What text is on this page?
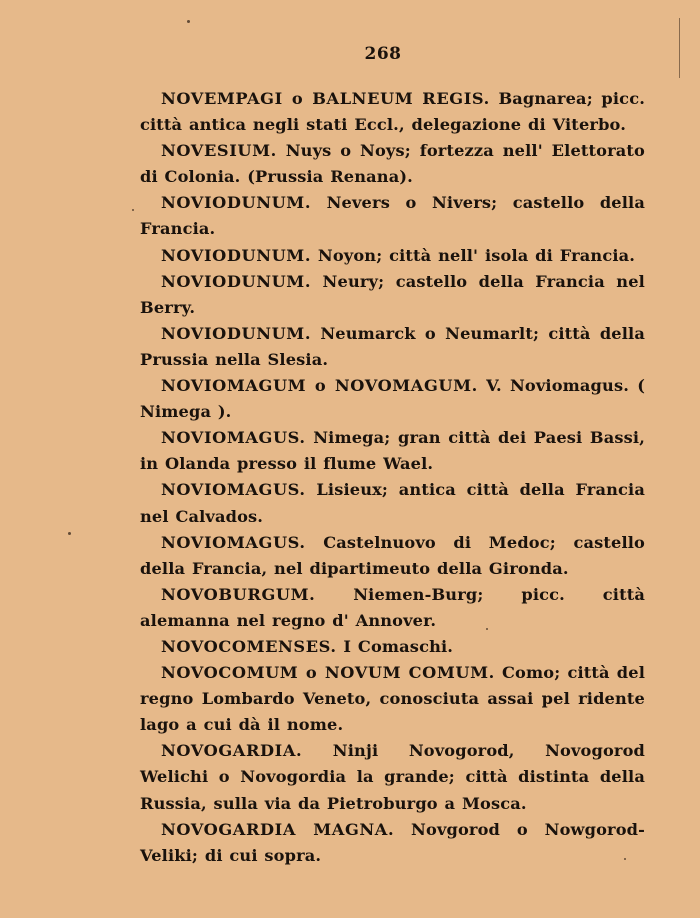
268

NOVEMPAGI o BALNEUM REGIS. Bagnarea; picc. città antica negli stati Eccl., delegazione di Viterbo.

NOVESIUM. Nuys o Noys; fortezza nell' Elettorato di Colonia. (Prussia Renana).

NOVIODUNUM. Nevers o Nivers; castello della Francia.

NOVIODUNUM. Noyon; città nell' isola di Francia.

NOVIODUNUM. Neury; castello della Francia nel Berry.

NOVIODUNUM. Neumarck o Neumarlt; città della Prussia nella Slesia.

NOVIOMAGUM o NOVOMAGUM. V. Noviomagus. ( Nimega ).

NOVIOMAGUS. Nimega; gran città dei Paesi Bassi, in Olanda presso il flume Wael.

NOVIOMAGUS. Lisieux; antica città della Francia nel Calvados.

NOVIOMAGUS. Castelnuovo di Medoc; castello della Francia, nel dipartimeuto della Gironda.

NOVOBURGUM. Niemen-Burg; picc. città alemanna nel regno d' Annover.

NOVOCOMENSES. I Comaschi.

NOVOCOMUM o NOVUM COMUM. Como; città del regno Lombardo Veneto, conosciuta assai pel ridente lago a cui dà il nome.

NOVOGARDIA. Ninji Novogorod, Novogorod Welichi o Novogordia la grande; città distinta della Russia, sulla via da Pietroburgo a Mosca.

NOVOGARDIA MAGNA. Novgorod o Nowgorod-Veliki; di cui sopra.
